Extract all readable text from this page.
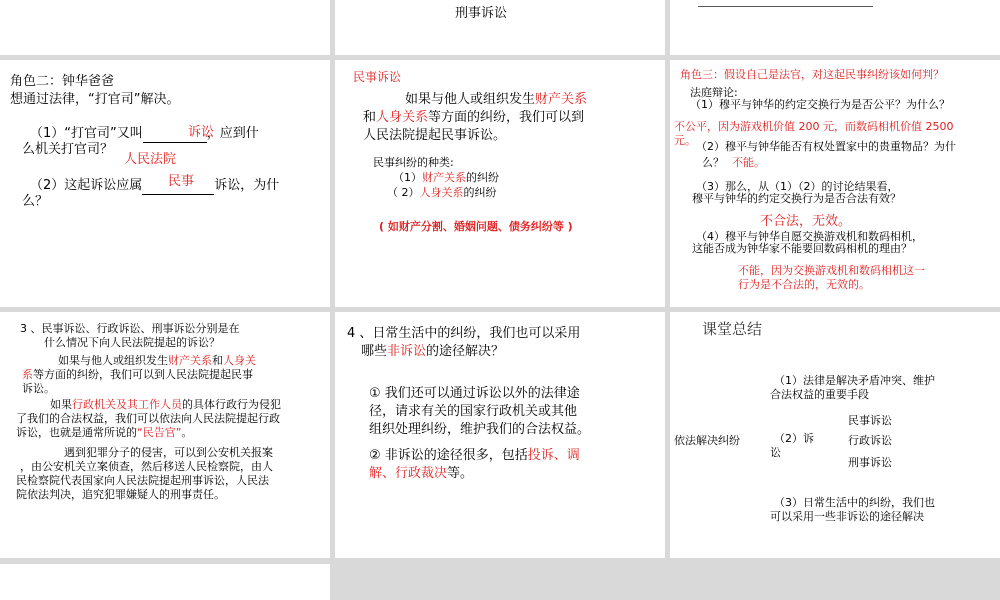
刑事诉讼
角色二：钟华爸爸
想通过法律，“打官司”解决。
（1）“打官司”又叫	，应到什
诉讼
么机关打官司？
人民法院
（2）这起诉讼应属	诉讼，为什
民事
么？
民事诉讼
如果与他人或组织发生财产关系
和人身关系等方面的纠纷，我们可以到
人民法院提起民事诉讼。
民事纠纷的种类:
（1）财产关系的纠纷
（ 2）人身关系的纠纷
( 如财产分割、婚姻问题、债务纠纷等 )
角色三：假设自己是法官，对这起民事纠纷该如何判？
法庭辩论:
（1）穆平与钟华的约定交换行为是否公平？为什么？
不公平，因为游戏机价值 200 元，而数码相机价值 2500
元。 （2）穆平与钟华能否有权处置家中的贵重物品？为什
么？ 不能。
（3）那么，从（1）（2）的讨论结果看，
穆平与钟华的约定交换行为是否合法有效？
不合法，无效。
（4）穆平与钟华自愿交换游戏机和数码相机，
这能否成为钟华家不能要回数码相机的理由？
不能，因为交换游戏机和数码相机这一
行为是不合法的，无效的。
3 、民事诉讼、行政诉讼、刑事诉讼分别是在
什么情况下向人民法院提起的诉讼？
如果与他人或组织发生财产关系和人身关
系等方面的纠纷，我们可以到人民法院提起民事
诉讼。
如果行政机关及其工作人员的具体行政行为侵犯
了我们的合法权益，我们可以依法向人民法院提起行政
诉讼，也就是通常所说的“民告官”。
遇到犯罪分子的侵害，可以到公安机关报案
，由公安机关立案侦查，然后移送人民检察院，由人
民检察院代表国家向人民法院提起刑事诉讼，人民法
院依法判决，追究犯罪嫌疑人的刑事责任。
4 、日常生活中的纠纷，我们也可以采用
哪些非诉讼的途径解决？
① 我们还可以通过诉讼以外的法律途
径，请求有关的国家行政机关或其他
组织处理纠纷，维护我们的合法权益。
② 非诉讼的途径很多，包括投诉、调
解、行政裁决等。
课堂总结
依法解决纠纷
（1）法律是解决矛盾冲突、维护
合法权益的重要手段
（2）诉
讼
民事诉讼
行政诉讼
刑事诉讼
（3）日常生活中的纠纷，我们也
可以采用一些非诉讼的途径解决
